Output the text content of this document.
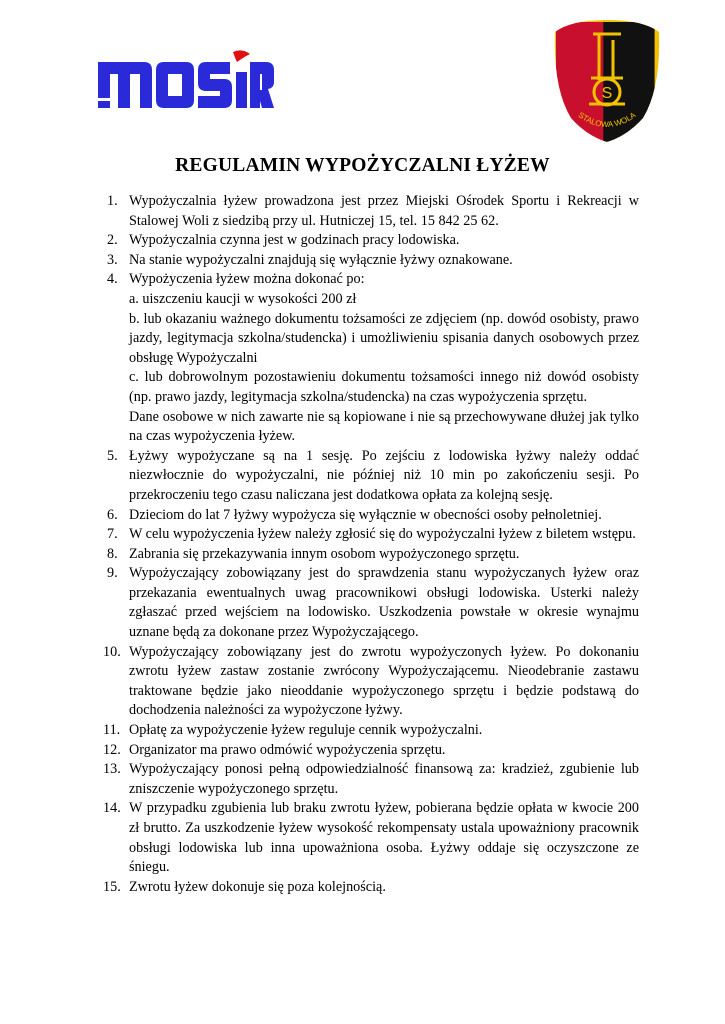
S
STALOWA WOLA
REGULAMIN WYPOŻYCZALNI ŁYŻEW
1. Wypożyczalnia łyżew prowadzona jest przez Miejski Ośrodek Sportu i Rekreacji w Stalowej Woli z siedzibą przy ul. Hutniczej 15, tel. 15 842 25 62.
2. Wypożyczalnia czynna jest w godzinach pracy lodowiska.
3. Na stanie wypożyczalni znajdują się wyłącznie łyżwy oznakowane.
4. Wypożyczenia łyżew można dokonać po:
a. uiszczeniu kaucji w wysokości 200 zł
b. lub okazaniu ważnego dokumentu tożsamości ze zdjęciem (np. dowód osobisty, prawo jazdy, legitymacja szkolna/studencka) i umożliwieniu spisania danych osobowych przez obsługę Wypożyczalni
c. lub dobrowolnym pozostawieniu dokumentu tożsamości innego niż dowód osobisty (np. prawo jazdy, legitymacja szkolna/studencka) na czas wypożyczenia sprzętu.
Dane osobowe w nich zawarte nie są kopiowane i nie są przechowywane dłużej jak tylko na czas wypożyczenia łyżew.
5. Łyżwy wypożyczane są na 1 sesję. Po zejściu z lodowiska łyżwy należy oddać niezwłocznie do wypożyczalni, nie później niż 10 min po zakończeniu sesji. Po przekroczeniu tego czasu naliczana jest dodatkowa opłata za kolejną sesję.
6. Dzieciom do lat 7 łyżwy wypożycza się wyłącznie w obecności osoby pełnoletniej.
7. W celu wypożyczenia łyżew należy zgłosić się do wypożyczalni łyżew z biletem wstępu.
8. Zabrania się przekazywania innym osobom wypożyczonego sprzętu.
9. Wypożyczający zobowiązany jest do sprawdzenia stanu wypożyczanych łyżew oraz przekazania ewentualnych uwag pracownikowi obsługi lodowiska. Usterki należy zgłaszać przed wejściem na lodowisko. Uszkodzenia powstałe w okresie wynajmu uznane będą za dokonane przez Wypożyczającego.
10. Wypożyczający zobowiązany jest do zwrotu wypożyczonych łyżew. Po dokonaniu zwrotu łyżew zastaw zostanie zwrócony Wypożyczającemu. Nieodebranie zastawu traktowane będzie jako nieoddanie wypożyczonego sprzętu i będzie podstawą do dochodzenia należności za wypożyczone łyżwy.
11. Opłatę za wypożyczenie łyżew reguluje cennik wypożyczalni.
12. Organizator ma prawo odmówić wypożyczenia sprzętu.
13. Wypożyczający ponosi pełną odpowiedzialność finansową za: kradzież, zgubienie lub zniszczenie wypożyczonego sprzętu.
14. W przypadku zgubienia lub braku zwrotu łyżew, pobierana będzie opłata w kwocie 200 zł brutto. Za uszkodzenie łyżew wysokość rekompensaty ustala upoważniony pracownik obsługi lodowiska lub inna upoważniona osoba. Łyżwy oddaje się oczyszczone ze śniegu.
15. Zwrotu łyżew dokonuje się poza kolejnością.
